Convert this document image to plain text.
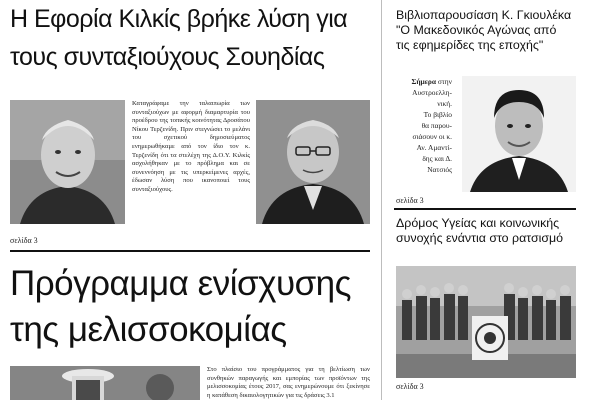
Η Εφορία Κιλκίς βρήκε λύση για
τους συνταξιούχους Σουηδίας
Καταγράφαμε την ταλαιπωρία των συνταξιούχων με αφορμή διαμαρτυρία του προέδρου της τοπικής κοινότητας Δροσάτου Νίκου Τερζενίδη. Πριν στεγνώσει το μελάνι του σχετικού δημοσιεύματος ενημερωθήκαμε από τον ίδιο τον κ. Τερζενίδη ότι τα στελέχη της Δ.Ο.Υ. Κιλκίς ασχολήθηκαν με το πρόβλημα και σε συνεννόηση με τις υπερκείμενες αρχές, έδωσαν λύση που ικανοποιεί τους συνταξιούχους.
σελίδα 3
Πρόγραμμα ενίσχυσης
της μελισσοκομίας
Στο πλαίσιο του προγράμματος για τη βελτίωση των συνθηκών παραγωγής και εμπορίας των προϊόντων της μελισσοκομίας έτους 2017, σας ενημερώνουμε ότι ξεκίνησε η κατάθεση δικαιολογητικών για τις δράσεις 3.1
Βιβλιοπαρουσίαση Κ. Γκιουλέκα
"Ο Μακεδονικός Αγώνας από
τις εφημερίδες της εποχής"
Σήμερα στην
Αυστροελλη-
νική.
Το βιβλίο
θα παρου-
σιάσουν οι κ.
Αν. Αμαντί-
δης και Δ.
Νατσιός
σελίδα 3
Δρόμος Υγείας και κοινωνικής
συνοχής ενάντια στο ρατσισμό
σελίδα 3
